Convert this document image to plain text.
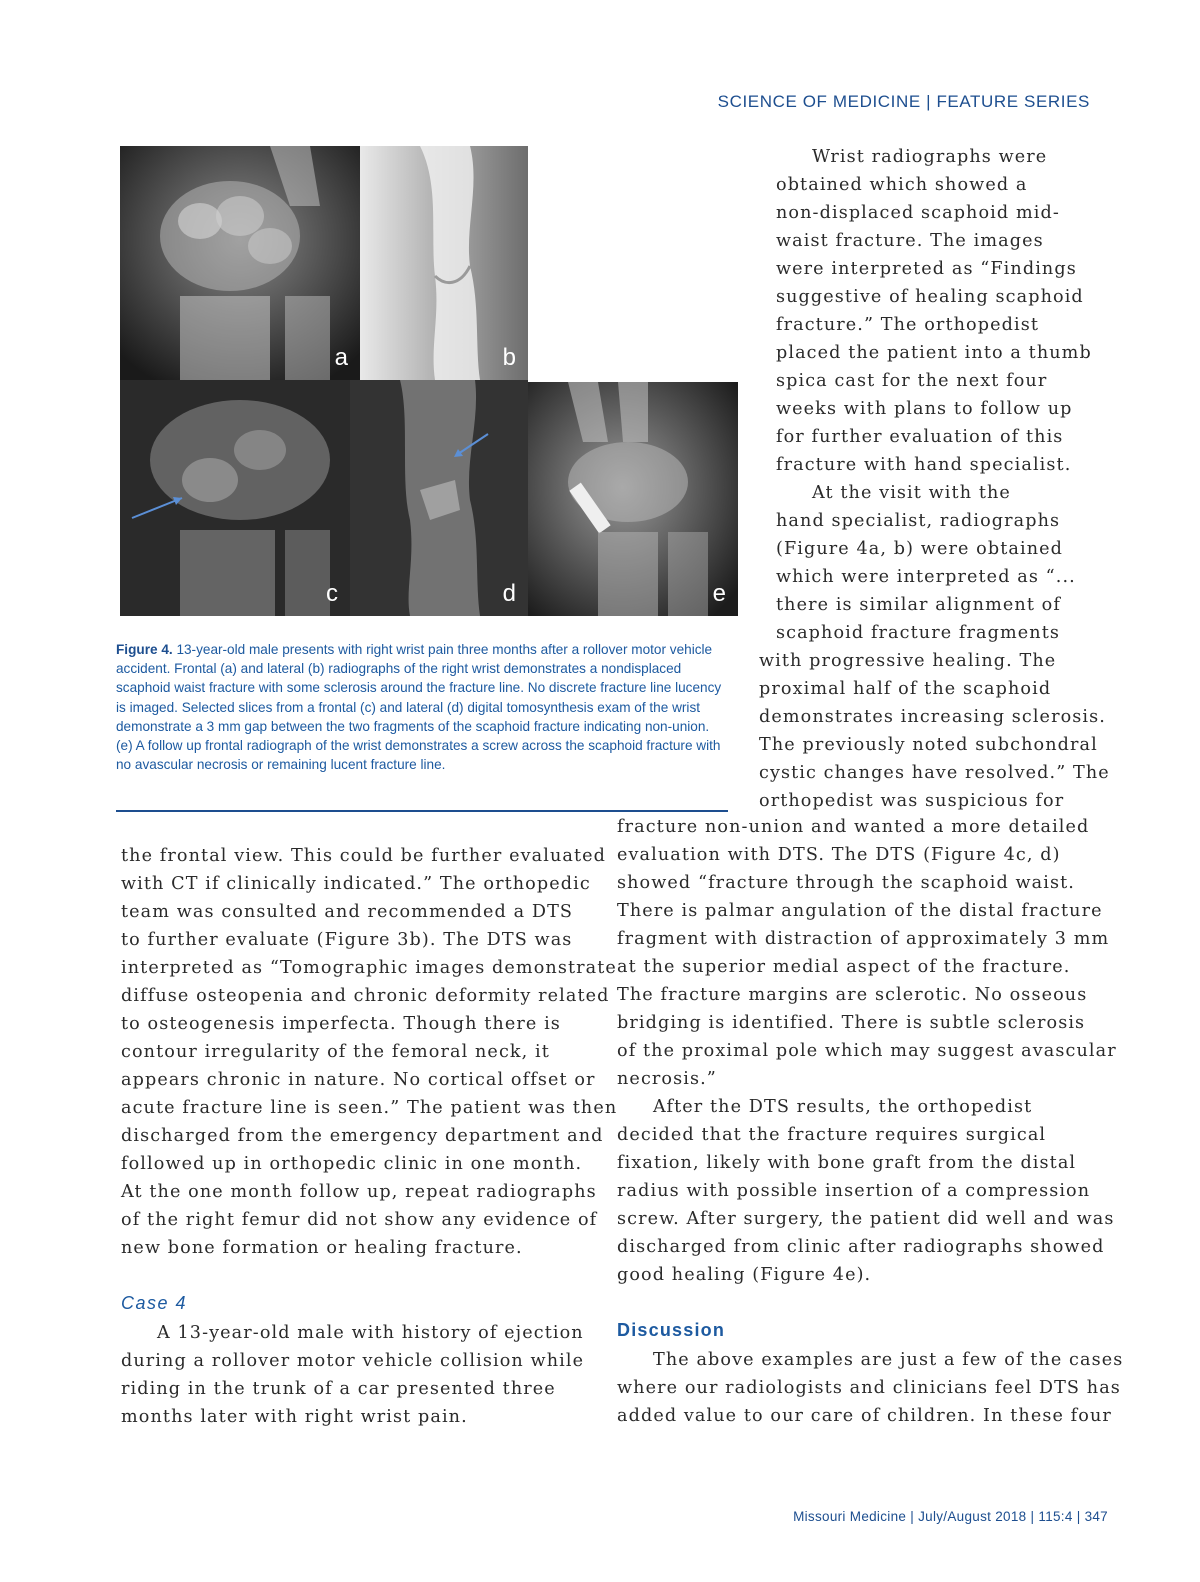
SCIENCE OF MEDICINE | FEATURE SERIES
a	b
c	d	e
Figure 4. 13-year-old male presents with right wrist pain three months after a rollover motor vehicle accident. Frontal (a) and lateral (b) radiographs of the right wrist demonstrates a nondisplaced scaphoid waist fracture with some sclerosis around the fracture line. No discrete fracture line lucency is imaged. Selected slices from a frontal (c) and lateral (d) digital tomosynthesis exam of the wrist demonstrate a 3 mm gap between the two fragments of the scaphoid fracture indicating non-union. (e) A follow up frontal radiograph of the wrist demonstrates a screw across the scaphoid fracture with no avascular necrosis or remaining lucent fracture line.
Wrist radiographs were
obtained which showed a
non-displaced scaphoid mid-
waist fracture. The images
were interpreted as “Findings
suggestive of healing scaphoid
fracture.” The orthopedist
placed the patient into a thumb
spica cast for the next four
weeks with plans to follow up
for further evaluation of this
fracture with hand specialist.
At the visit with the
hand specialist, radiographs
(Figure 4a, b) were obtained
which were interpreted as “...
there is similar alignment of
scaphoid fracture fragments
with progressive healing. The
proximal half of the scaphoid
demonstrates increasing sclerosis.
The previously noted subchondral
cystic changes have resolved.” The
orthopedist was suspicious for
the frontal view. This could be further evaluated
with CT if clinically indicated.” The orthopedic
team was consulted and recommended a DTS
to further evaluate (Figure 3b). The DTS was
interpreted as “Tomographic images demonstrate
diffuse osteopenia and chronic deformity related
to osteogenesis imperfecta. Though there is
contour irregularity of the femoral neck, it
appears chronic in nature. No cortical offset or
acute fracture line is seen.” The patient was then
discharged from the emergency department and
followed up in orthopedic clinic in one month.
At the one month follow up, repeat radiographs
of the right femur did not show any evidence of
new bone formation or healing fracture.
Case 4
A 13-year-old male with history of ejection
during a rollover motor vehicle collision while
riding in the trunk of a car presented three
months later with right wrist pain.
fracture non-union and wanted a more detailed
evaluation with DTS. The DTS (Figure 4c, d)
showed “fracture through the scaphoid waist.
There is palmar angulation of the distal fracture
fragment with distraction of approximately 3 mm
at the superior medial aspect of the fracture.
The fracture margins are sclerotic. No osseous
bridging is identified. There is subtle sclerosis
of the proximal pole which may suggest avascular
necrosis.”
After the DTS results, the orthopedist
decided that the fracture requires surgical
fixation, likely with bone graft from the distal
radius with possible insertion of a compression
screw. After surgery, the patient did well and was
discharged from clinic after radiographs showed
good healing (Figure 4e).
Discussion
The above examples are just a few of the cases
where our radiologists and clinicians feel DTS has
added value to our care of children. In these four
Missouri Medicine | July/August 2018 | 115:4 | 347
